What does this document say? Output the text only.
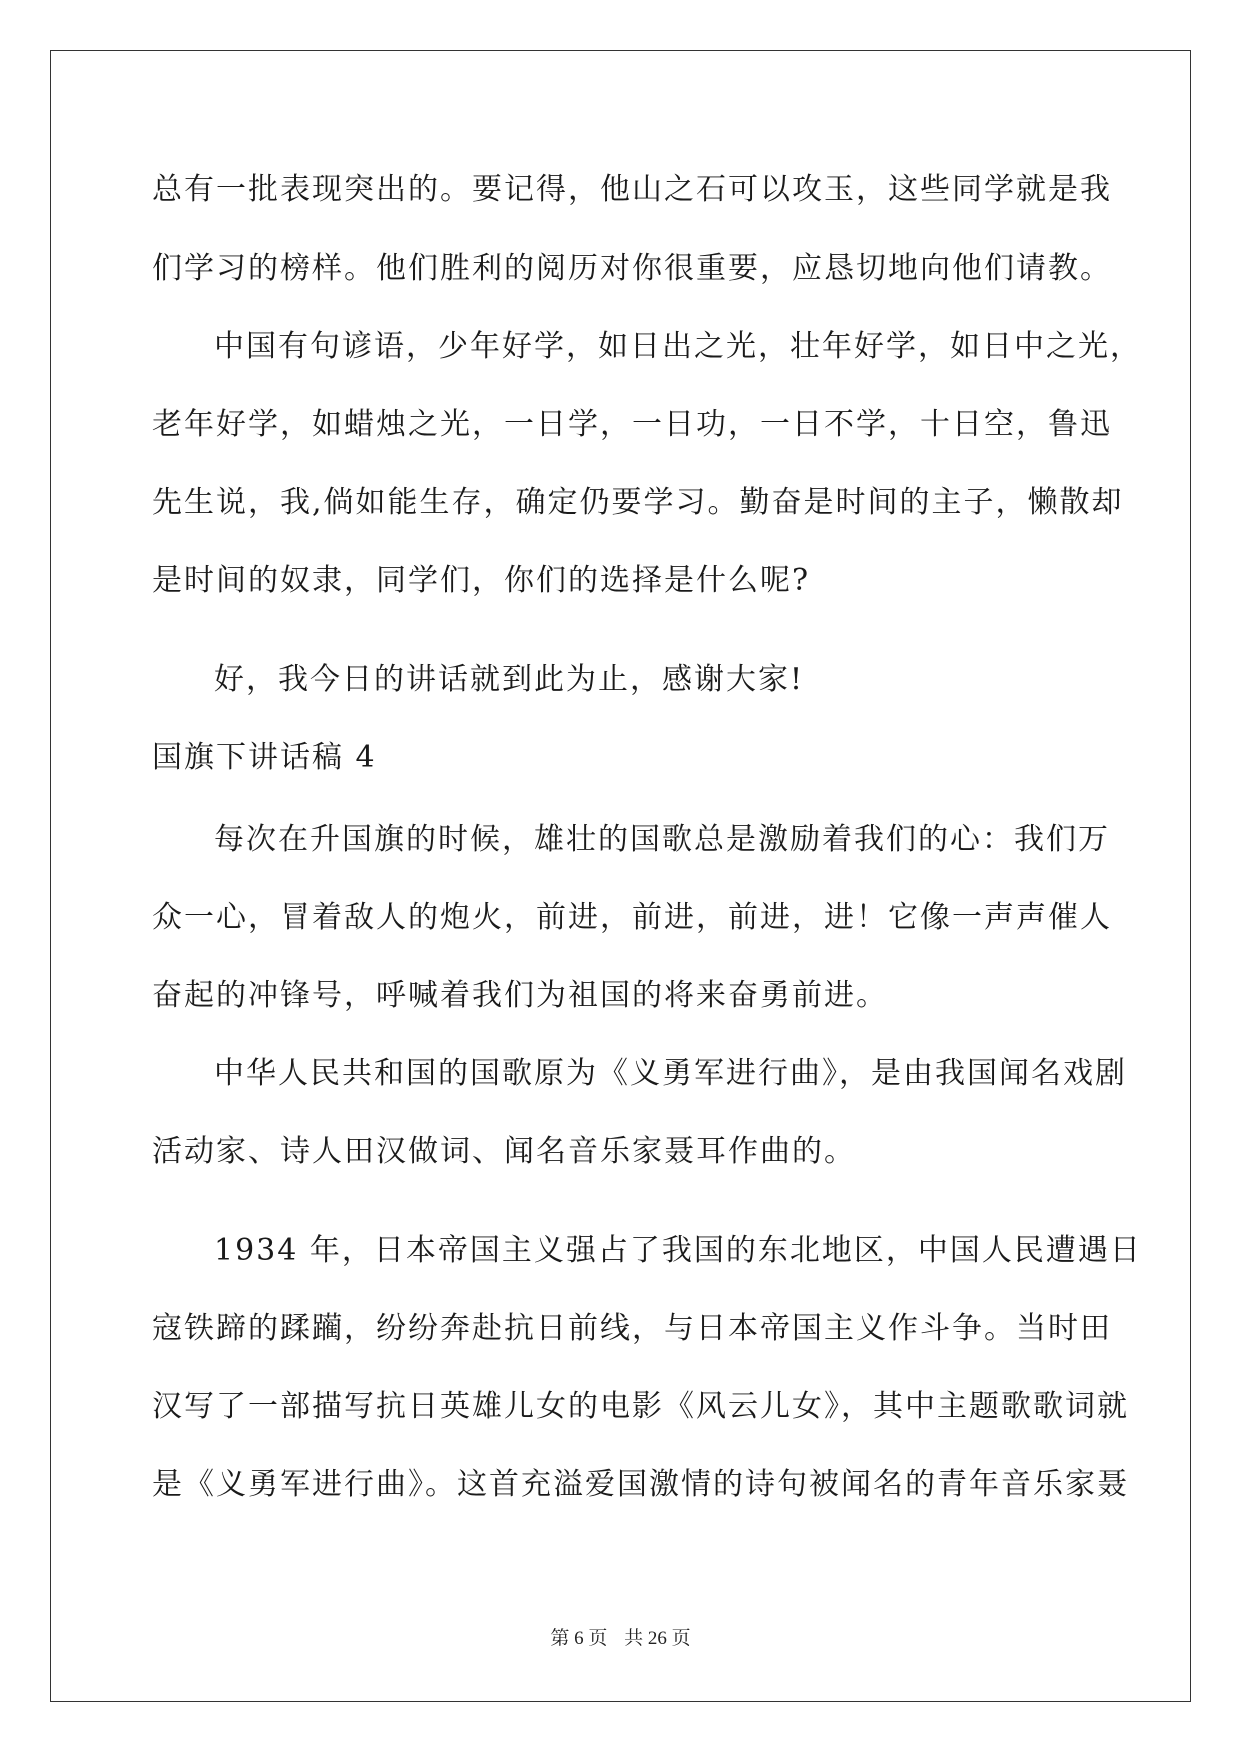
总有一批表现突出的。要记得，他山之石可以攻玉，这些同学就是我
们学习的榜样。他们胜利的阅历对你很重要，应恳切地向他们请教。
中国有句谚语，少年好学，如日出之光，壮年好学，如日中之光，
老年好学，如蜡烛之光，一日学，一日功，一日不学，十日空，鲁迅
先生说，我,倘如能生存，确定仍要学习。勤奋是时间的主子，懒散却
是时间的奴隶，同学们，你们的选择是什么呢?
好，我今日的讲话就到此为止，感谢大家!
国旗下讲话稿 4
每次在升国旗的时候，雄壮的国歌总是激励着我们的心：我们万
众一心，冒着敌人的炮火，前进，前进，前进，进！它像一声声催人
奋起的冲锋号，呼喊着我们为祖国的将来奋勇前进。
中华人民共和国的国歌原为《义勇军进行曲》，是由我国闻名戏剧
活动家、诗人田汉做词、闻名音乐家聂耳作曲的。
1934 年，日本帝国主义强占了我国的东北地区，中国人民遭遇日
寇铁蹄的蹂躏，纷纷奔赴抗日前线，与日本帝国主义作斗争。当时田
汉写了一部描写抗日英雄儿女的电影《风云儿女》，其中主题歌歌词就
是《义勇军进行曲》。这首充溢爱国激情的诗句被闻名的青年音乐家聂
第 6 页 共 26 页
